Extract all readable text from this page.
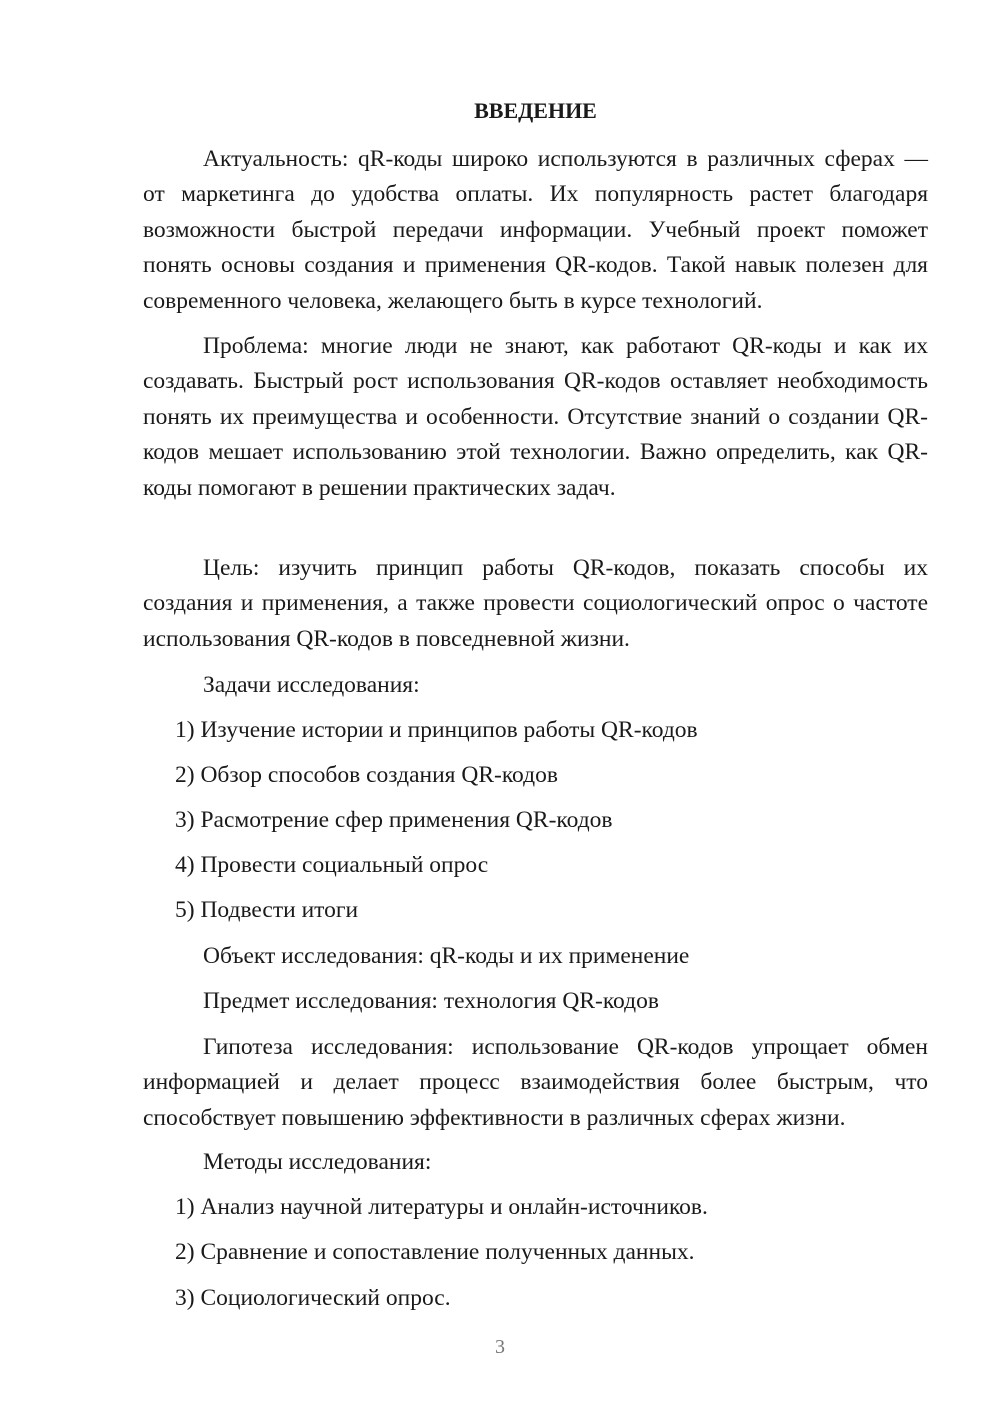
ВВЕДЕНИЕ

Актуальность: qR-коды широко используются в различных сферах — от маркетинга до удобства оплаты. Их популярность растет благодаря возможности быстрой передачи информации. Учебный проект поможет понять основы создания и применения QR-кодов. Такой навык полезен для современного человека, желающего быть в курсе технологий.

Проблема: многие люди не знают, как работают QR-коды и как их создавать. Быстрый рост использования QR-кодов оставляет необходимость понять их преимущества и особенности. Отсутствие знаний о создании QR-кодов мешает использованию этой технологии. Важно определить, как QR-коды помогают в решении практических задач.

Цель: изучить принцип работы QR-кодов, показать способы их создания и применения, а также провести социологический опрос о частоте использования QR-кодов в повседневной жизни.

Задачи исследования:

1) Изучение истории и принципов работы QR-кодов

2) Обзор способов создания QR-кодов

3) Расмотрение сфер применения QR-кодов

4) Провести социальный опрос

5) Подвести итоги

Объект исследования: qR-коды и их применение

Предмет исследования: технология QR-кодов

Гипотеза исследования: использование QR-кодов упрощает обмен информацией и делает процесс взаимодействия более быстрым, что способствует повышению эффективности в различных сферах жизни.

Методы исследования:

1) Анализ научной литературы и онлайн-источников.

2) Сравнение и сопоставление полученных данных.

3) Социологический опрос.

3
